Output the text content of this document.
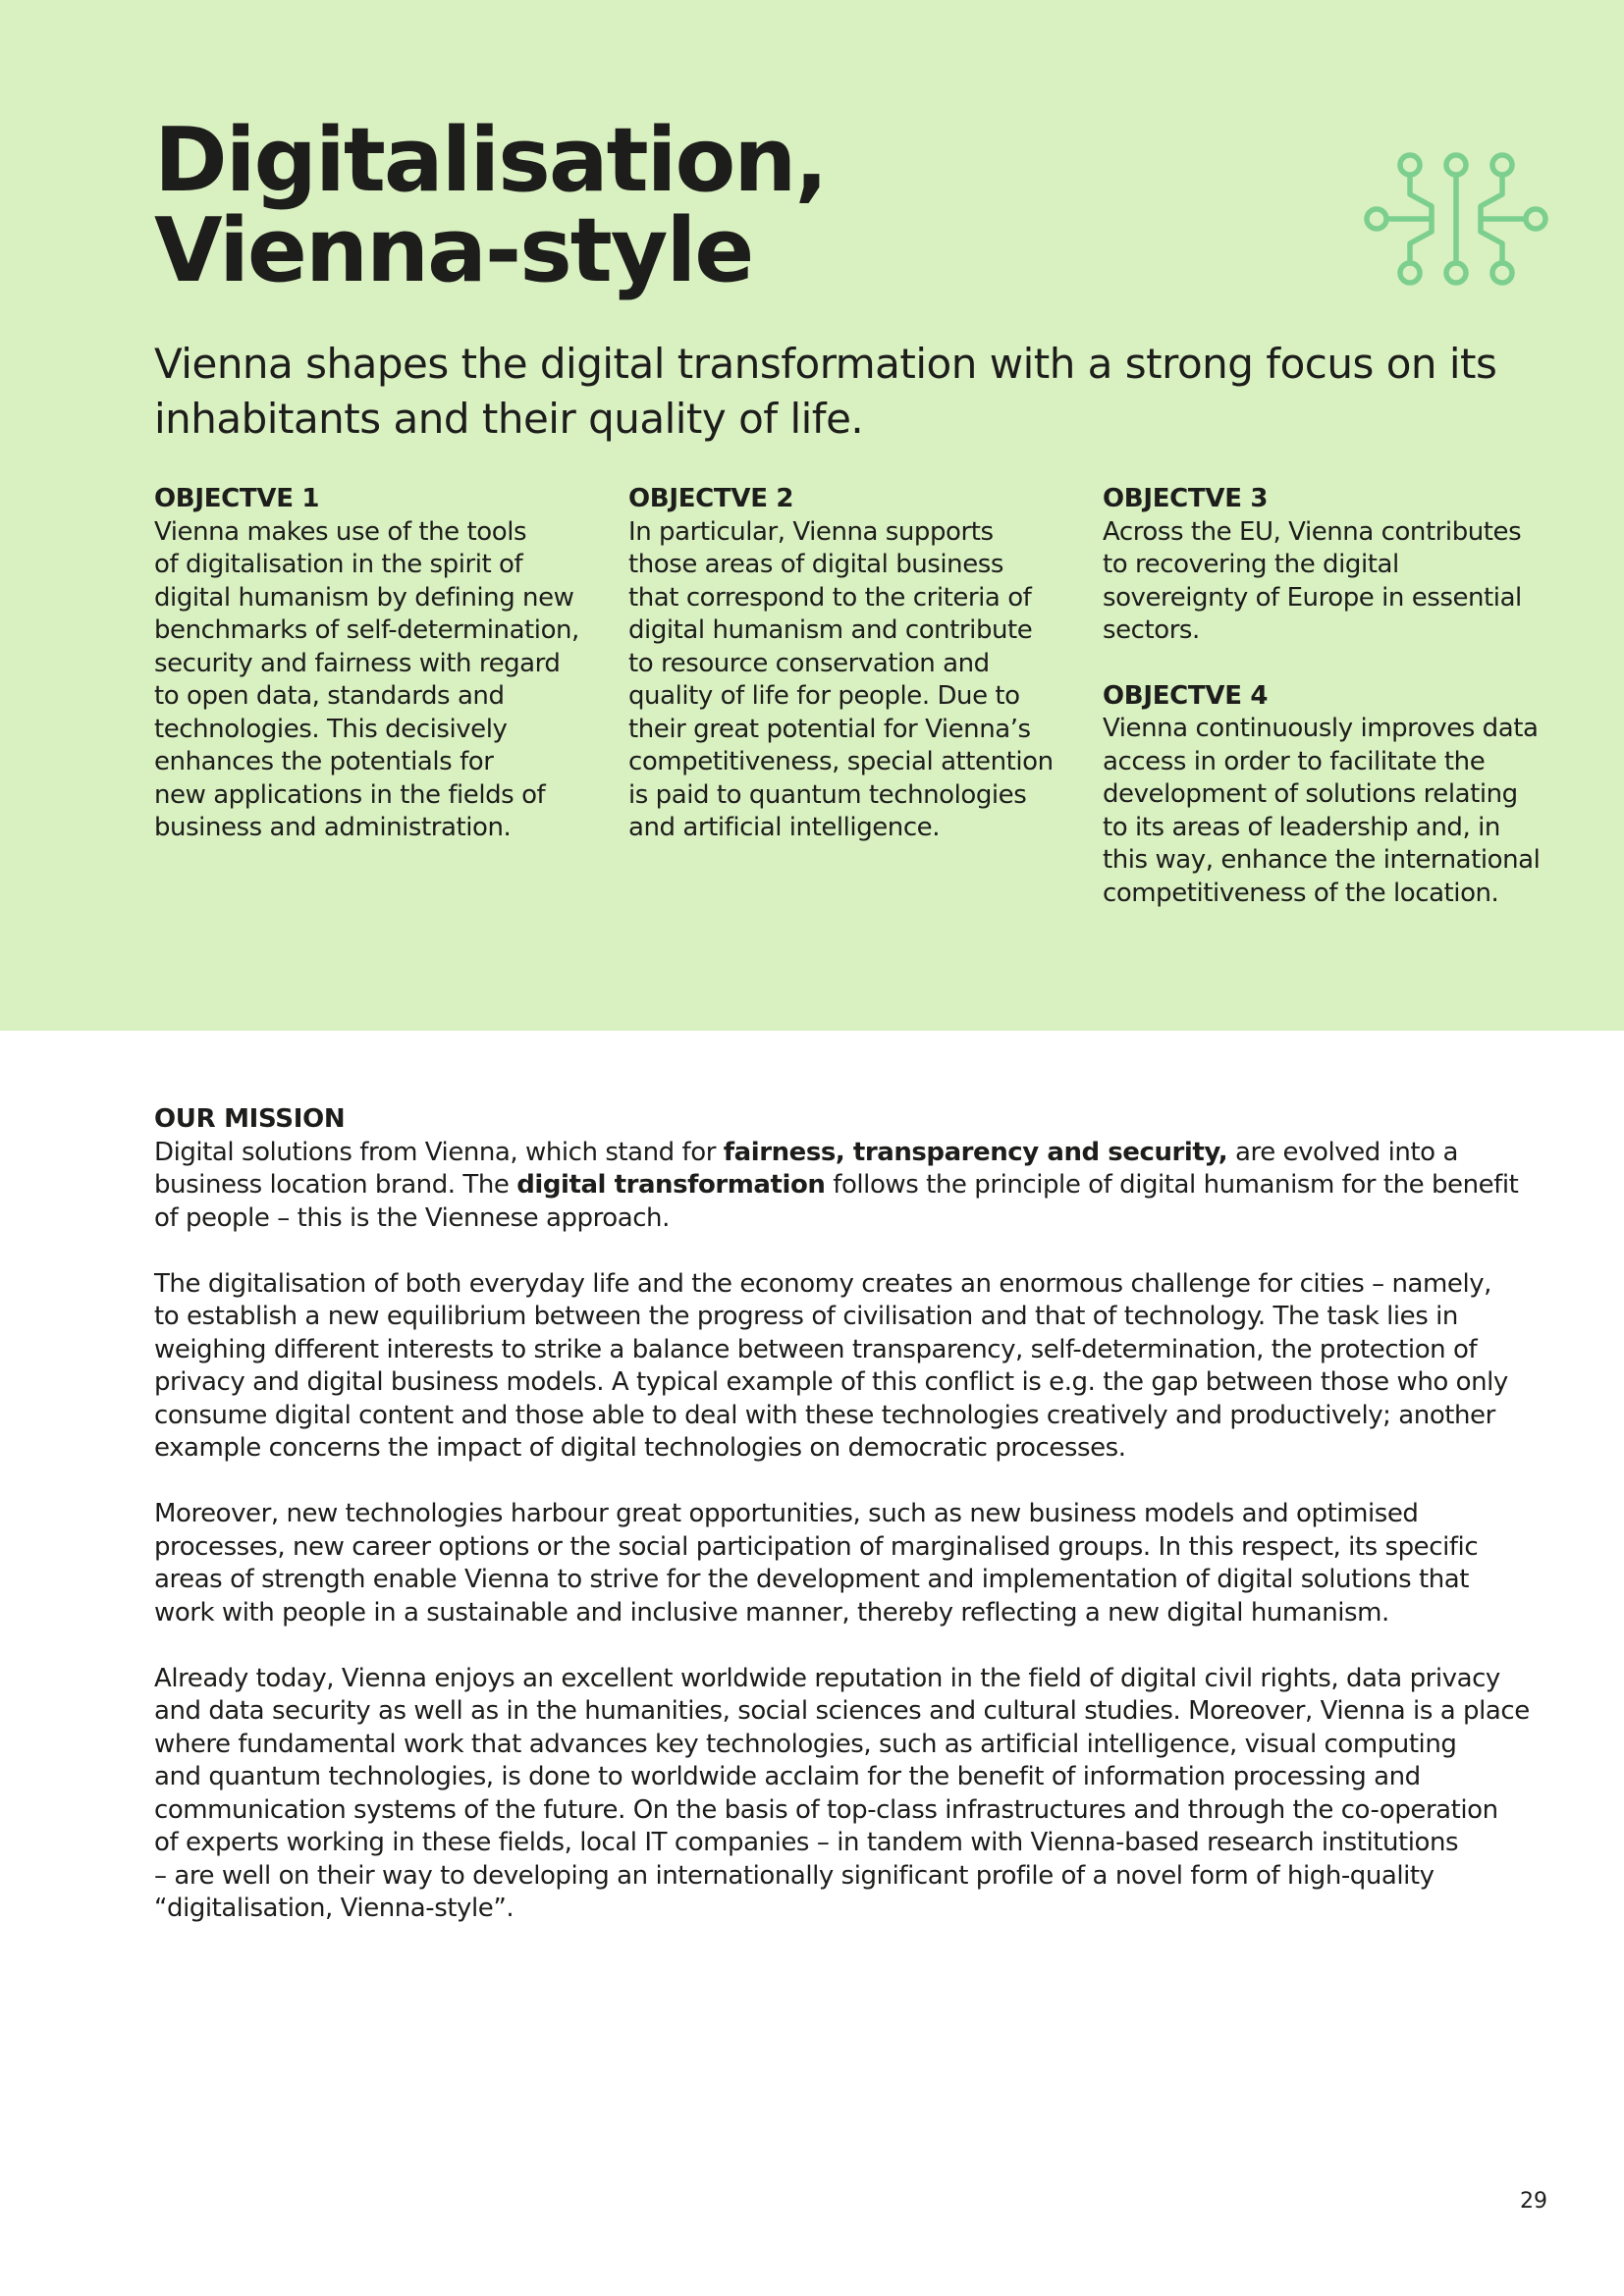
Digitalisation,
Vienna-style

Vienna shapes the digital transformation with a strong focus on its
inhabitants and their quality of life.

OBJECTVE 1

Vienna makes use of the tools
of digitalisation in the spirit of
digital humanism by defining new
benchmarks of self-determination,
security and fairness with regard
to open data, standards and
technologies. This decisively
enhances the potentials for
new applications in the fields of
business and administration.

OBJECTVE 2

In particular, Vienna supports
those areas of digital business
that correspond to the criteria of
digital humanism and contribute
to resource conservation and
quality of life for people. Due to
their great potential for Vienna’s
competitiveness, special attention
is paid to quantum technologies
and artificial intelligence.

OBJECTVE 3

Across the EU, Vienna contributes
to recovering the digital
sovereignty of Europe in essential
sectors.

OBJECTVE 4

Vienna continuously improves data
access in order to facilitate the
development of solutions relating
to its areas of leadership and, in
this way, enhance the international
competitiveness of the location.

OUR MISSION

Digital solutions from Vienna, which stand for fairness, transparency and security, are evolved into a
business location brand. The digital transformation follows the principle of digital humanism for the benefit
of people – this is the Viennese approach.

The digitalisation of both everyday life and the economy creates an enormous challenge for cities – namely,
to establish a new equilibrium between the progress of civilisation and that of technology. The task lies in
weighing different interests to strike a balance between transparency, self-determination, the protection of
privacy and digital business models. A typical example of this conflict is e.g. the gap between those who only
consume digital content and those able to deal with these technologies creatively and productively; another
example concerns the impact of digital technologies on democratic processes.

Moreover, new technologies harbour great opportunities, such as new business models and optimised
processes, new career options or the social participation of marginalised groups. In this respect, its specific
areas of strength enable Vienna to strive for the development and implementation of digital solutions that
work with people in a sustainable and inclusive manner, thereby reflecting a new digital humanism.

Already today, Vienna enjoys an excellent worldwide reputation in the field of digital civil rights, data privacy
and data security as well as in the humanities, social sciences and cultural studies. Moreover, Vienna is a place
where fundamental work that advances key technologies, such as artificial intelligence, visual computing
and quantum technologies, is done to worldwide acclaim for the benefit of information processing and
communication systems of the future. On the basis of top-class infrastructures and through the co-operation
of experts working in these fields, local IT companies – in tandem with Vienna-based research institutions
– are well on their way to developing an internationally significant profile of a novel form of high-quality
“digitalisation, Vienna-style”.

29
